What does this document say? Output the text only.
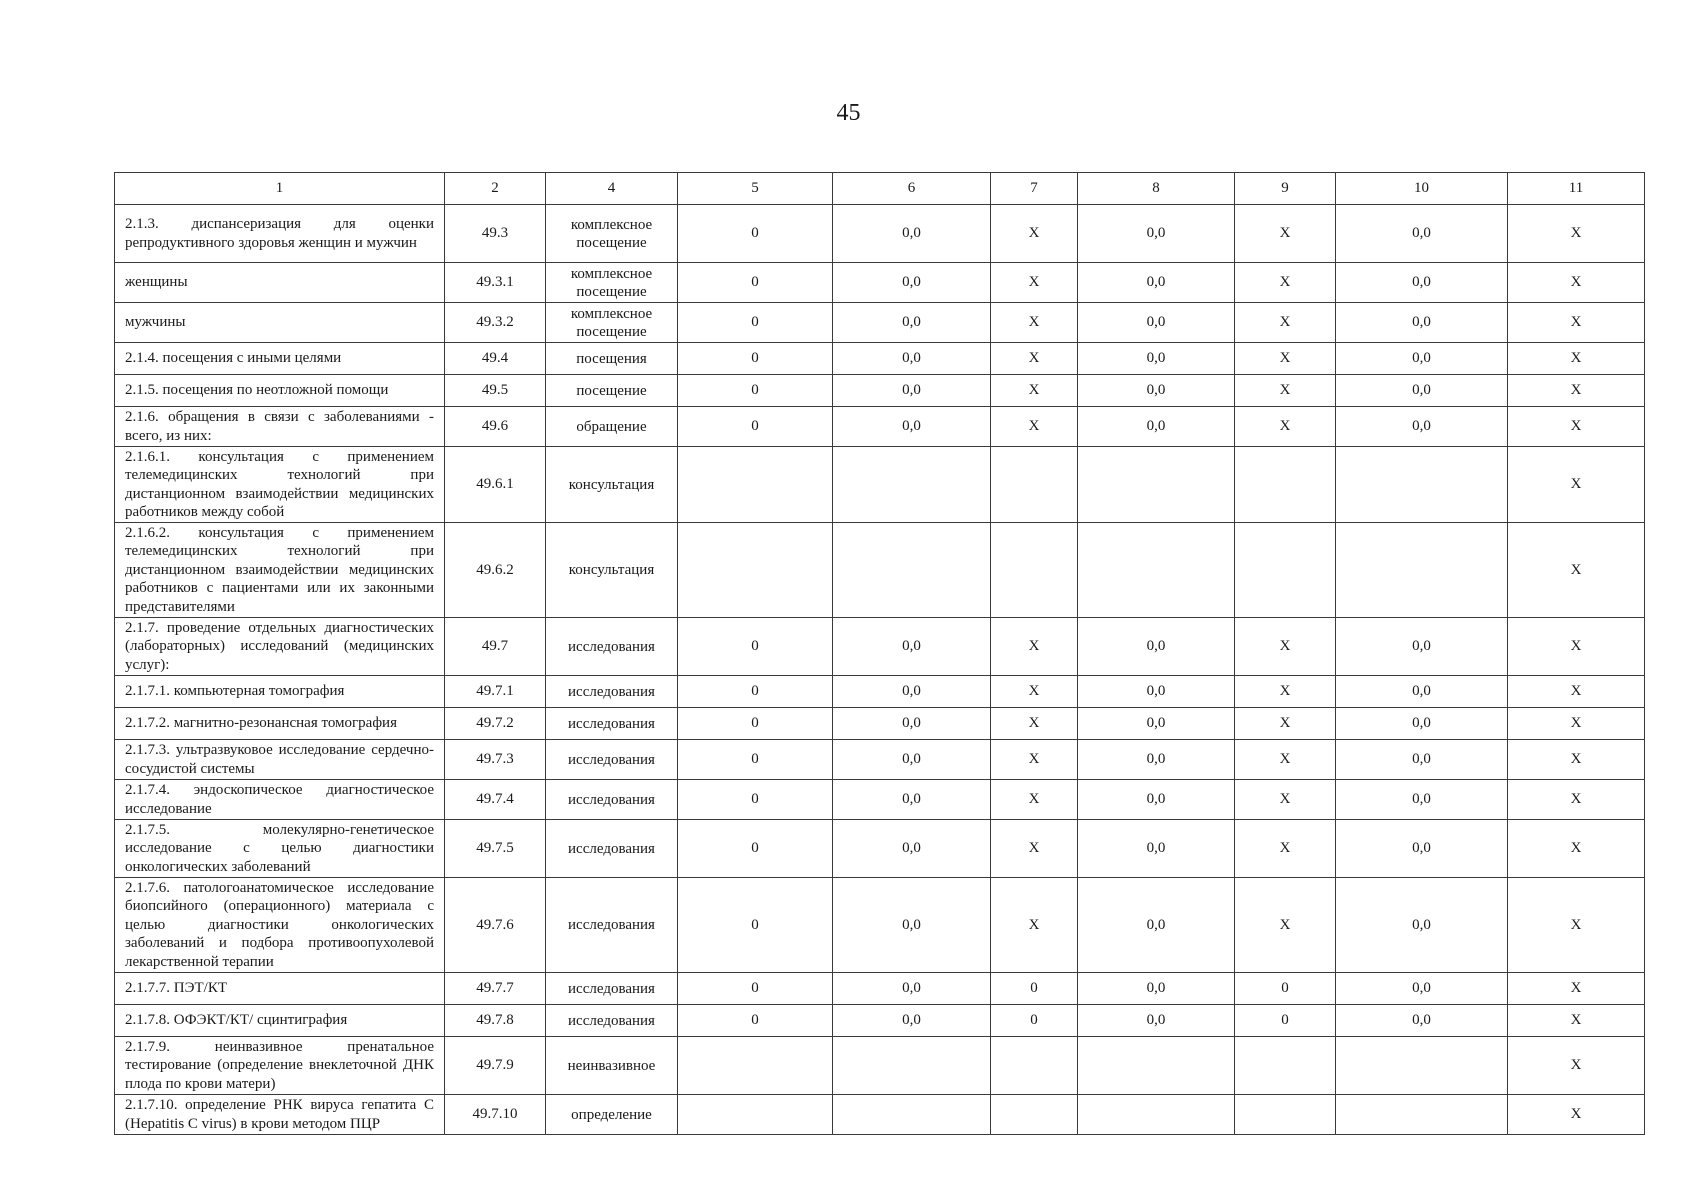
45
1	2	4	5	6	7	8	9	10	11
2.1.3. диспансеризация для оценки репродуктивного здоровья женщин и мужчин	49.3	комплексное посещение	0	0,0	X	0,0	X	0,0	X
женщины	49.3.1	комплексное посещение	0	0,0	X	0,0	X	0,0	X
мужчины	49.3.2	комплексное посещение	0	0,0	X	0,0	X	0,0	X
2.1.4. посещения с иными целями	49.4	посещения	0	0,0	X	0,0	X	0,0	X
2.1.5. посещения по неотложной помощи	49.5	посещение	0	0,0	X	0,0	X	0,0	X
2.1.6. обращения в связи с заболеваниями - всего, из них:	49.6	обращение	0	0,0	X	0,0	X	0,0	X
2.1.6.1. консультация с применением телемедицинских технологий при дистанционном взаимодействии медицинских работников между собой	49.6.1	консультация							X
2.1.6.2. консультация с применением телемедицинских технологий при дистанционном взаимодействии медицинских работников с пациентами или их законными представителями	49.6.2	консультация							X
2.1.7. проведение отдельных диагностических (лабораторных) исследований (медицинских услуг):	49.7	исследования	0	0,0	X	0,0	X	0,0	X
2.1.7.1. компьютерная томография	49.7.1	исследования	0	0,0	X	0,0	X	0,0	X
2.1.7.2. магнитно-резонансная томография	49.7.2	исследования	0	0,0	X	0,0	X	0,0	X
2.1.7.3. ультразвуковое исследование сердечно-сосудистой системы	49.7.3	исследования	0	0,0	X	0,0	X	0,0	X
2.1.7.4. эндоскопическое диагностическое исследование	49.7.4	исследования	0	0,0	X	0,0	X	0,0	X
2.1.7.5. молекулярно-генетическое исследование с целью диагностики онкологических заболеваний	49.7.5	исследования	0	0,0	X	0,0	X	0,0	X
2.1.7.6. патологоанатомическое исследование биопсийного (операционного) материала с целью диагностики онкологических заболеваний и подбора противоопухолевой лекарственной терапии	49.7.6	исследования	0	0,0	X	0,0	X	0,0	X
2.1.7.7. ПЭТ/КТ	49.7.7	исследования	0	0,0	0	0,0	0	0,0	X
2.1.7.8. ОФЭКТ/КТ/ сцинтиграфия	49.7.8	исследования	0	0,0	0	0,0	0	0,0	X
2.1.7.9. неинвазивное пренатальное тестирование (определение внеклеточной ДНК плода по крови матери)	49.7.9	неинвазивное							X
2.1.7.10. определение РНК вируса гепатита C (Hepatitis C virus) в крови методом ПЦР	49.7.10	определение							X
